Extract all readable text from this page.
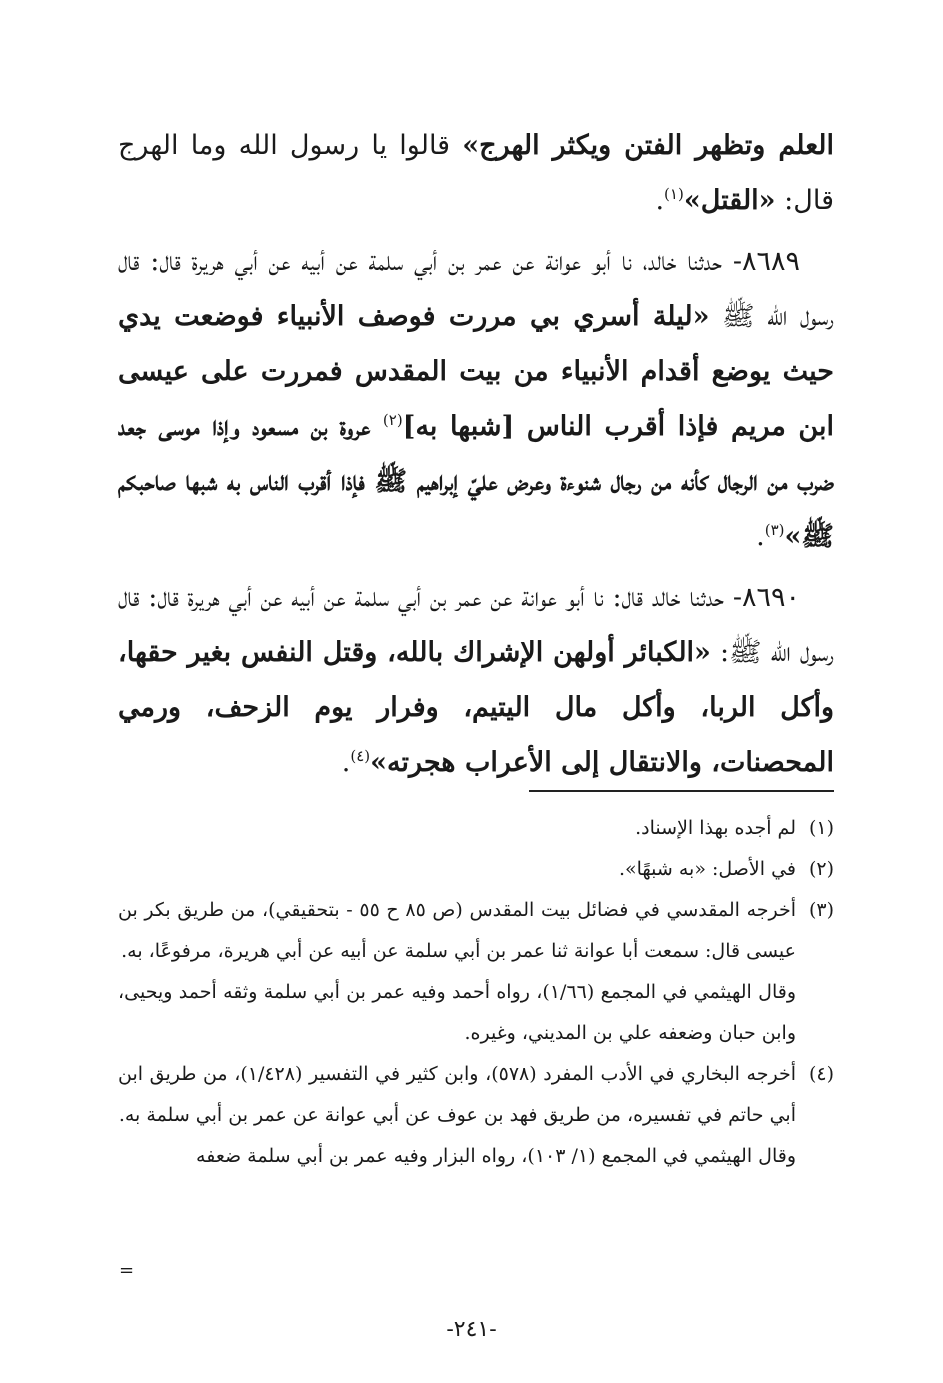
العلم وتظهر الفتن ويكثر الهرج» قالوا يا رسول الله وما الهرج قال: «القتل»$^{(١)}$.

٨٦٨٩- حدثنا خالد، نا أبو عوانة عن عمر بن أبي سلمة عن أبيه عن أبي هريرة قال: قال رسول الله ﷺ «ليلة أسري بي مررت فوصف الأنبياء فوضعت يدي حيث يوضع أقدام الأنبياء من بيت المقدس فمررت على عيسى ابن مريم فإذا أقرب الناس [شبها به]$^{(٢)}$ عروة بن مسعود وإذا موسى جعد ضرب من الرجال كأنه من رجال شنوءة وعرض عليّ إبراهيم ﷺ فإذا أقرب الناس به شبها صاحبكم ﷺ»$^{(٣)}$.

٨٦٩٠- حدثنا خالد قال: نا أبو عوانة عن عمر بن أبي سلمة عن أبيه عن أبي هريرة قال: قال رسول الله ﷺ: «الكبائر أولهن الإشراك بالله، وقتل النفس بغير حقها، وأكل الربا، وأكل مال اليتيم، وفرار يوم الزحف، ورمي المحصنات، والانتقال إلى الأعراب هجرته»$^{(٤)}$.

(١)
لم أجده بهذا الإسناد.
(٢)
في الأصل: «به شبهًا».
(٣)
أخرجه المقدسي في فضائل بيت المقدس (ص ٨٥ ح ٥٥ - بتحقيقي)، من طريق بكر بن عيسى قال: سمعت أبا عوانة ثنا عمر بن أبي سلمة عن أبيه عن أبي هريرة، مرفوعًا، به.
وقال الهيثمي في المجمع (١/٦٦)، رواه أحمد وفيه عمر بن أبي سلمة وثقه أحمد ويحيى، وابن حبان وضعفه علي بن المديني، وغيره.
(٤)
أخرجه البخاري في الأدب المفرد (٥٧٨)، وابن كثير في التفسير (١/٤٢٨)، من طريق ابن أبي حاتم في تفسيره، من طريق فهد بن عوف عن أبي عوانة عن عمر بن أبي سلمة به.
وقال الهيثمي في المجمع (١/ ١٠٣)، رواه البزار وفيه عمر بن أبي سلمة ضعفه
=
-٢٤١-
